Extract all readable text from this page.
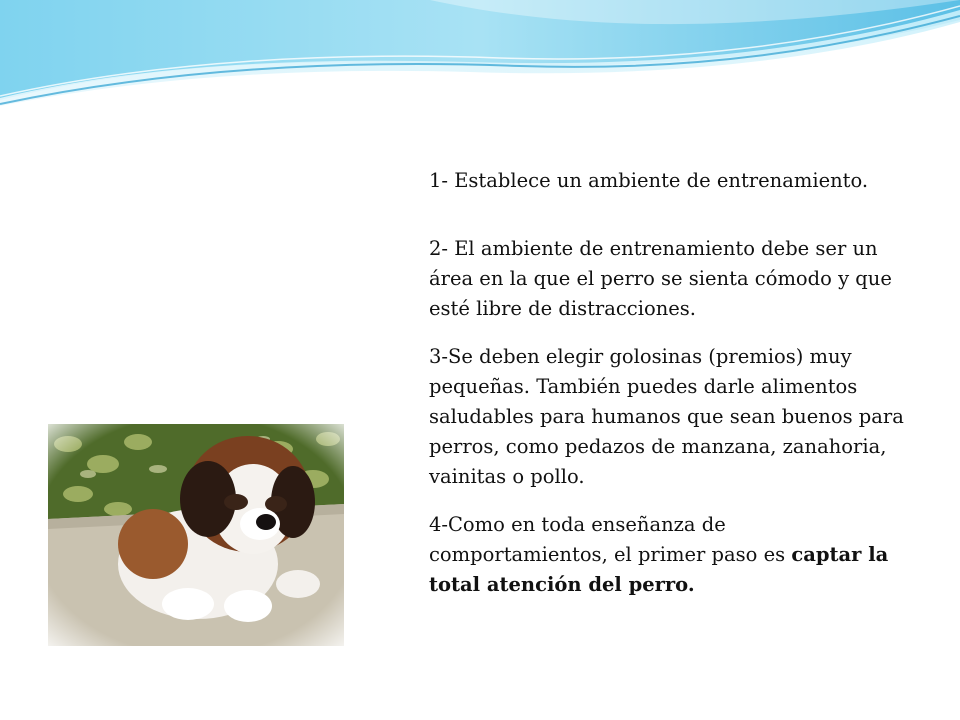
1- Establece un ambiente de entrenamiento.

2- El ambiente de entrenamiento debe ser un área en la que el perro se sienta cómodo y que esté libre de distracciones.

3-Se deben elegir golosinas (premios) muy pequeñas. También puedes darle alimentos saludables para humanos que sean buenos para perros, como pedazos de manzana, zanahoria, vainitas o pollo.

4-Como en toda enseñanza de comportamientos, el primer paso es captar la total atención del perro.
